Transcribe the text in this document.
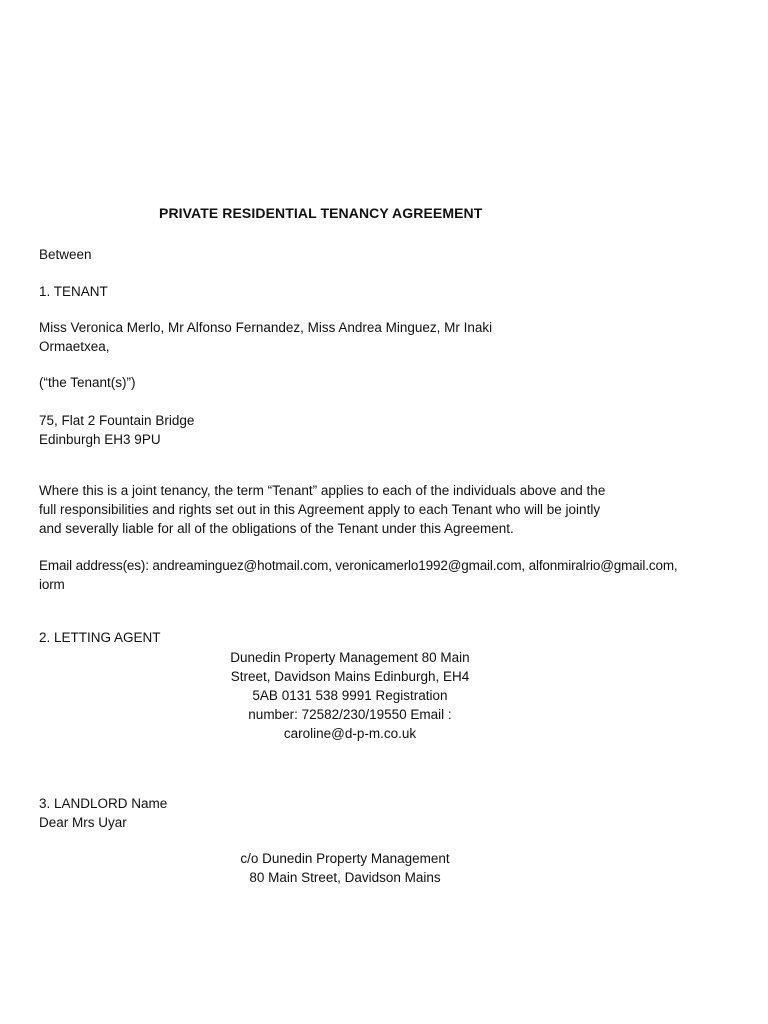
PRIVATE RESIDENTIAL TENANCY AGREEMENT
Between
1. TENANT
Miss Veronica Merlo, Mr Alfonso Fernandez, Miss Andrea Minguez, Mr Inaki
Ormaetxea,
(“the Tenant(s)”)
75, Flat 2 Fountain Bridge
Edinburgh EH3 9PU
Where this is a joint tenancy, the term “Tenant” applies to each of the individuals above and the
full responsibilities and rights set out in this Agreement apply to each Tenant who will be jointly
and severally liable for all of the obligations of the Tenant under this Agreement.
Email address(es): andreaminguez@hotmail.com, veronicamerlo1992@gmail.com, alfonmiralrio@gmail.com,
iorm
2. LETTING AGENT
Dunedin Property Management 80 Main
Street, Davidson Mains Edinburgh, EH4
5AB 0131 538 9991 Registration
number: 72582/230/19550 Email :
caroline@d-p-m.co.uk
3. LANDLORD Name
Dear Mrs Uyar
c/o Dunedin Property Management
80 Main Street, Davidson Mains
